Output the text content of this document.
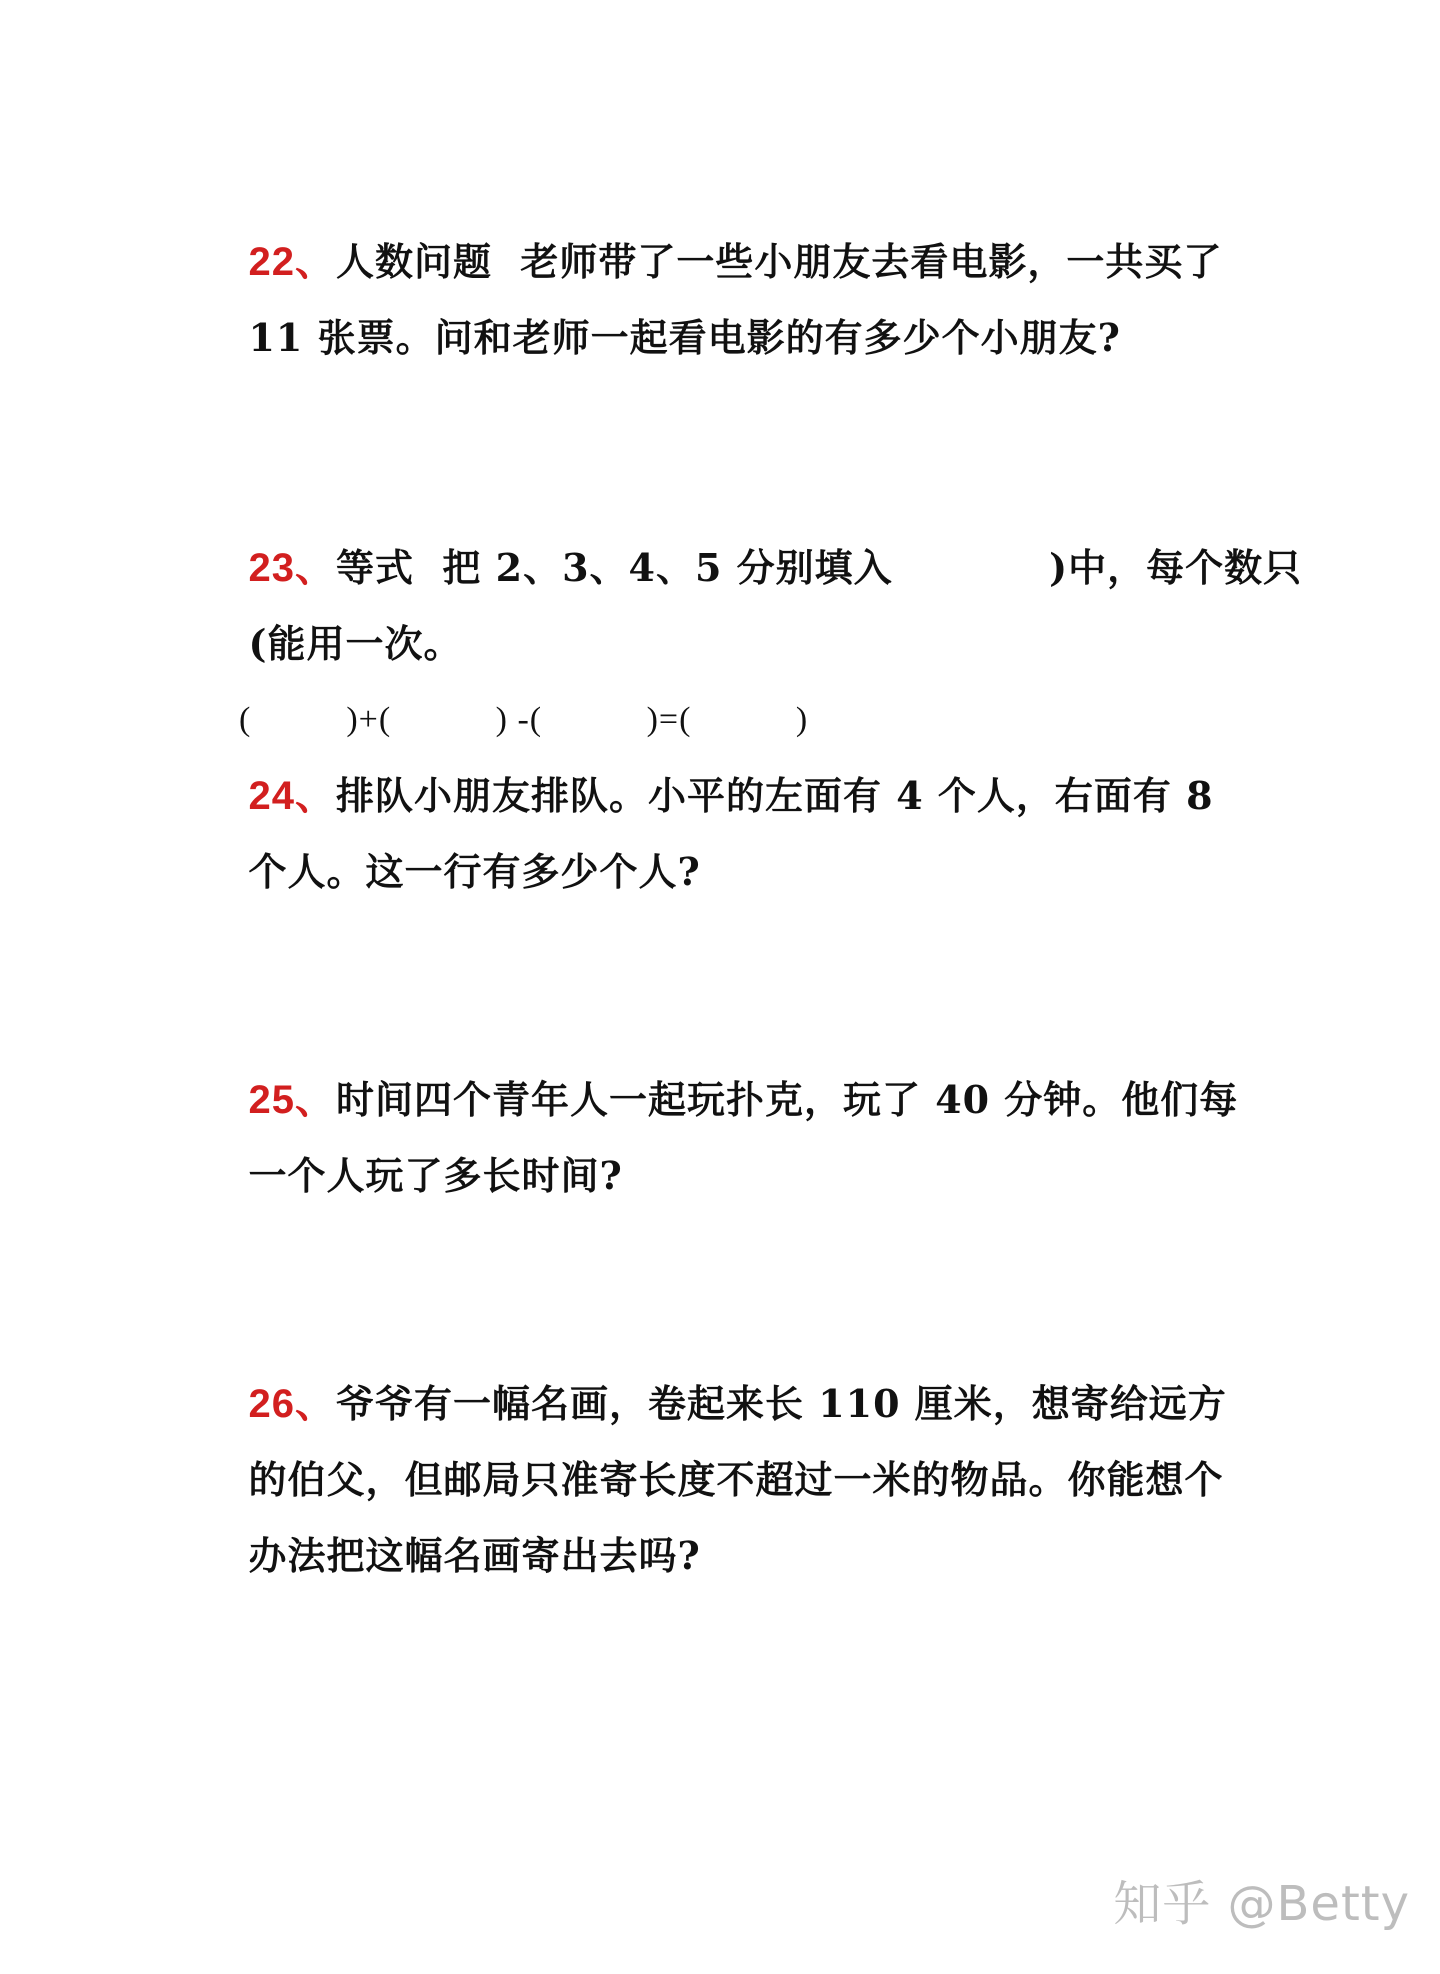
22、人数问题  老师带了一些小朋友去看电影，一共买了

11 张票。问和老师一起看电影的有多少个小朋友?

23、等式  把 2、3、4、5 分别填入           )中，每个数只

(能用一次。

(          )+(           ) -(           )=(           )

24、排队小朋友排队。小平的左面有 4 个人，右面有 8

个人。这一行有多少个人?

25、时间四个青年人一起玩扑克，玩了 40 分钟。他们每

一个人玩了多长时间?

26、爷爷有一幅名画，卷起来长 110 厘米，想寄给远方

的伯父，但邮局只准寄长度不超过一米的物品。你能想个

办法把这幅名画寄出去吗?

知乎 @Betty
